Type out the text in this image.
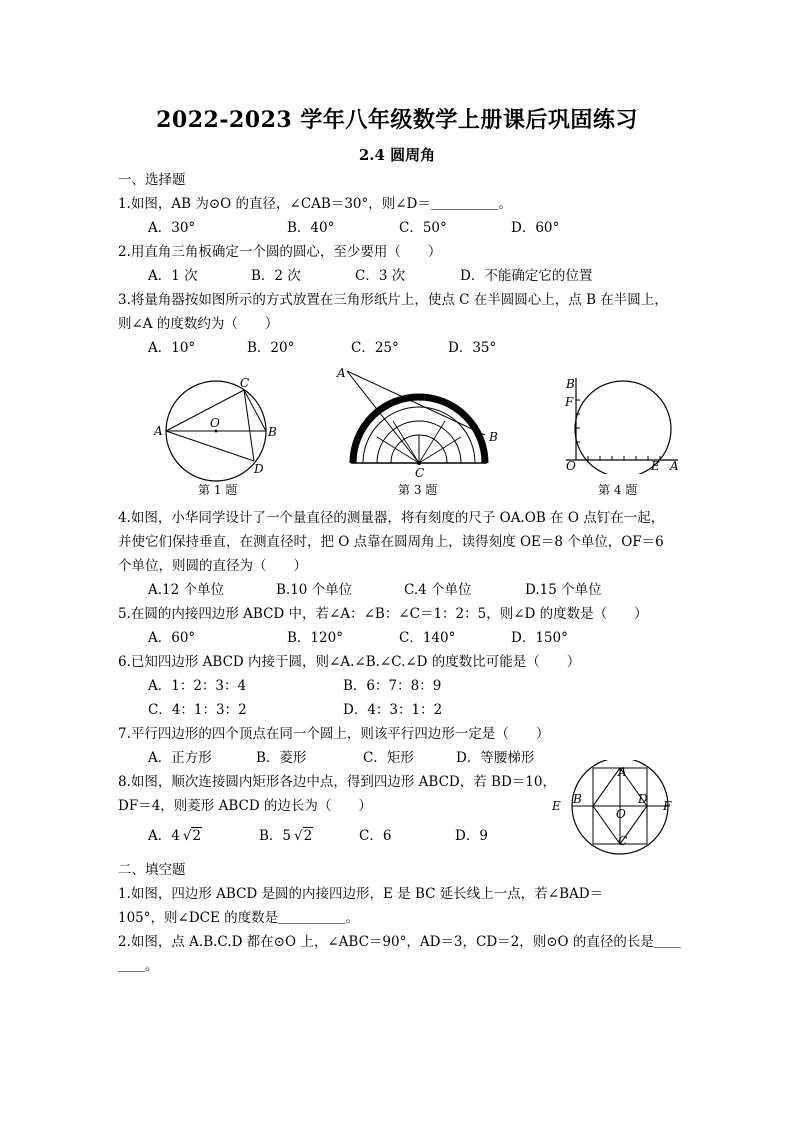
2022-2023 学年八年级数学上册课后巩固练习
2.4 圆周角
一、选择题
1.如图，AB 为⊙O 的直径，∠CAB＝30°，则∠D＝＿＿＿＿＿。
A．30°	B．40°	C．50°	D．60°
2.用直角三角板确定一个圆的圆心，至少要用（　　）
A．1 次	B．2 次	C．3 次	D．不能确定它的位置
3.将量角器按如图所示的方式放置在三角形纸片上，使点 C 在半圆圆心上，点 B 在半圆上，
则∠A 的度数约为（　　）
A．10°	B．20°	C．25°	D．35°
A	B
C
D
O
第 1 题
A
B
C
第 3 题
B
F
O	E A
第 4 题
4.如图，小华同学设计了一个量直径的测量器，将有刻度的尺子 OA.OB 在 O 点钉在一起，
并使它们保持垂直，在测直径时，把 O 点靠在圆周角上，读得刻度 OE＝8 个单位，OF＝6
个单位，则圆的直径为（　　）
A.12 个单位	B.10 个单位	C.4 个单位	D.15 个单位
5.在圆的内接四边形 ABCD 中，若∠A：∠B：∠C＝1：2：5，则∠D 的度数是（　　）
A．60°	B．120°	C．140°	D．150°
6.已知四边形 ABCD 内接于圆，则∠A.∠B.∠C.∠D 的度数比可能是（　　）
A．1：2：3：4	B．6：7：8：9
C．4：1：3：2	D．4：3：1：2
7.平行四边形的四个顶点在同一个圆上，则该平行四边形一定是（　　）
A．正方形	B．菱形	C．矩形	D．等腰梯形
8.如图，顺次连接圆内矩形各边中点，得到四边形 ABCD，若 BD＝10，
DF＝4，则菱形 ABCD 的边长为（　　）
A．4 √2	B．5 √2	C．6	D．9
A
B
C
D
E	F
O
二、填空题
1.如图，四边形 ABCD 是圆的内接四边形，E 是 BC 延长线上一点，若∠BAD＝
105°，则∠DCE 的度数是＿＿＿＿＿。
2.如图，点 A.B.C.D 都在⊙O 上，∠ABC＝90°，AD＝3，CD＝2，则⊙O 的直径的长是＿＿
＿＿。
